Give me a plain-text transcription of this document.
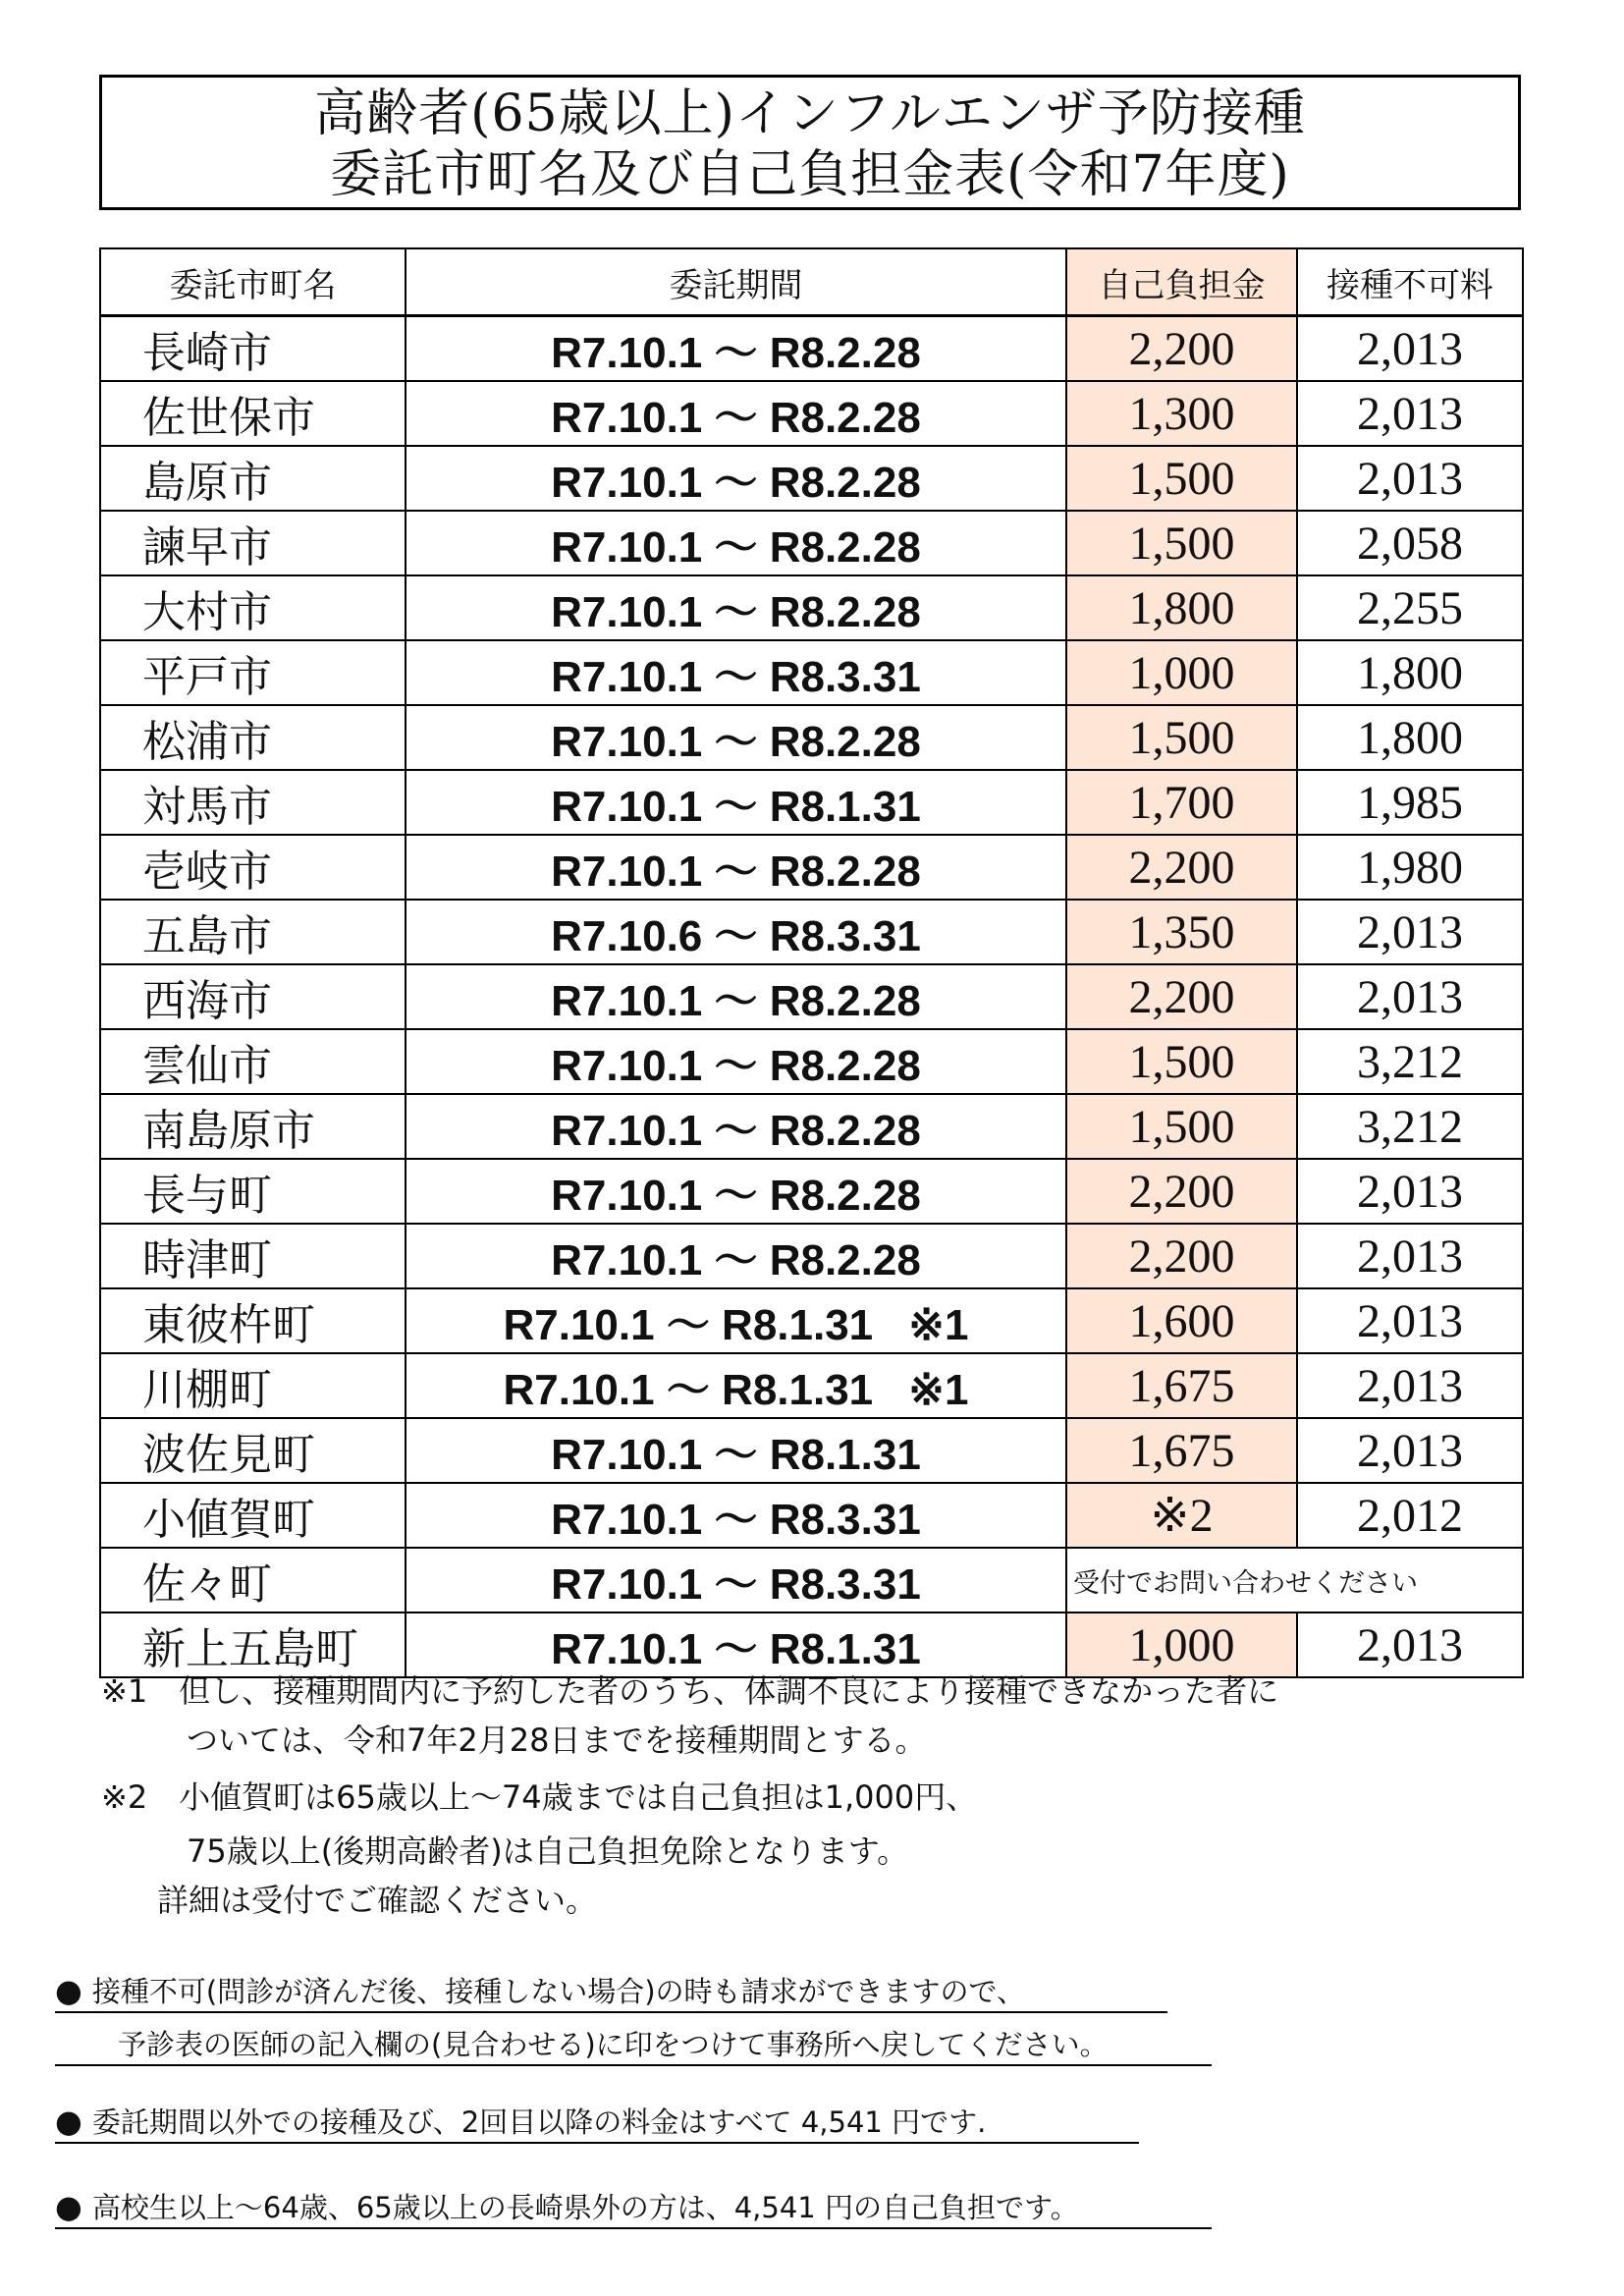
高齢者(65歳以上)インフルエンザ予防接種
委託市町名及び自己負担金表(令和7年度)
委託市町名	委託期間	自己負担金	接種不可料
長崎市	R7.10.1 ～ R8.2.28	2,200	2,013
佐世保市	R7.10.1 ～ R8.2.28	1,300	2,013
島原市	R7.10.1 ～ R8.2.28	1,500	2,013
諫早市	R7.10.1 ～ R8.2.28	1,500	2,058
大村市	R7.10.1 ～ R8.2.28	1,800	2,255
平戸市	R7.10.1 ～ R8.3.31	1,000	1,800
松浦市	R7.10.1 ～ R8.2.28	1,500	1,800
対馬市	R7.10.1 ～ R8.1.31	1,700	1,985
壱岐市	R7.10.1 ～ R8.2.28	2,200	1,980
五島市	R7.10.6 ～ R8.3.31	1,350	2,013
西海市	R7.10.1 ～ R8.2.28	2,200	2,013
雲仙市	R7.10.1 ～ R8.2.28	1,500	3,212
南島原市	R7.10.1 ～ R8.2.28	1,500	3,212
長与町	R7.10.1 ～ R8.2.28	2,200	2,013
時津町	R7.10.1 ～ R8.2.28	2,200	2,013
東彼杵町	R7.10.1 ～ R8.1.31 ※1	1,600	2,013
川棚町	R7.10.1 ～ R8.1.31 ※1	1,675	2,013
波佐見町	R7.10.1 ～ R8.1.31	1,675	2,013
小値賀町	R7.10.1 ～ R8.3.31	※2	2,012
佐々町	R7.10.1 ～ R8.3.31	受付でお問い合わせください	
新上五島町	R7.10.1 ～ R8.1.31	1,000	2,013
※1　但し、接種期間内に予約した者のうち、体調不良により接種できなかった者に
ついては、令和7年2月28日までを接種期間とする。
※2　小値賀町は65歳以上～74歳までは自己負担は1,000円、
75歳以上(後期高齢者)は自己負担免除となります。
詳細は受付でご確認ください。
● 接種不可(問診が済んだ後、接種しない場合)の時も請求ができますので、
予診表の医師の記入欄の(見合わせる)に印をつけて事務所へ戻してください。
● 委託期間以外での接種及び、2回目以降の料金はすべて 4,541 円です.
● 高校生以上～64歳、65歳以上の長崎県外の方は、4,541 円の自己負担です。
